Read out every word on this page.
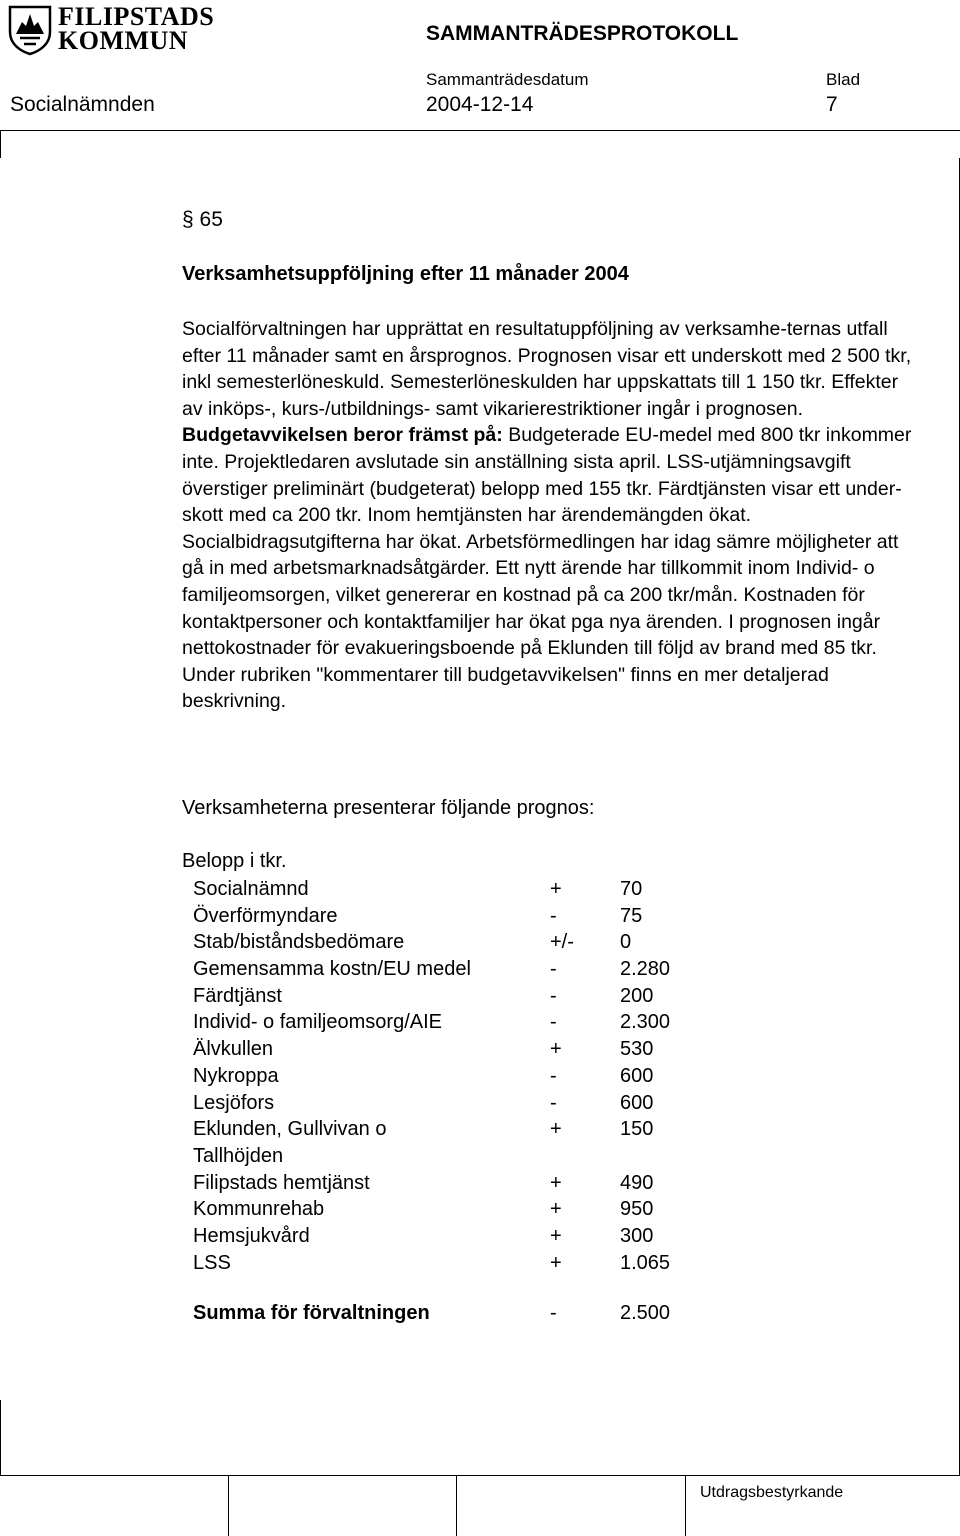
FILIPSTADS
KOMMUN	SAMMANTRÄDESPROTOKOLL
Sammanträdesdatum	Blad
Socialnämnden	2004-12-14	7
§ 65
Verksamhetsuppföljning efter 11 månader 2004
Socialförvaltningen har upprättat en resultatuppföljning av verksamhe-ternas utfall efter 11 månader samt en årsprognos. Prognosen visar ett underskott med 2 500 tkr, inkl semesterlöneskuld. Semesterlöneskulden har uppskattats till 1 150 tkr. Effekter av inköps-, kurs-/utbildnings- samt vikarierestriktioner ingår i prognosen. Budgetavvikelsen beror främst på: Budgeterade EU-medel med 800 tkr inkommer inte. Projektledaren avslutade sin anställning sista april. LSS-utjämningsavgift överstiger preliminärt (budgeterat) belopp med 155 tkr. Färdtjänsten visar ett under-skott med ca 200 tkr. Inom hemtjänsten har ärendemängden ökat. Socialbidragsutgifterna har ökat. Arbetsförmedlingen har idag sämre möjligheter att gå in med arbetsmarknadsåtgärder. Ett nytt ärende har tillkommit inom Individ- o familjeomsorgen, vilket genererar en kostnad på ca 200 tkr/mån. Kostnaden för kontaktpersoner och kontaktfamiljer har ökat pga nya ärenden. I prognosen ingår nettokostnader för evakueringsboende på Eklunden till följd av brand med 85 tkr. Under rubriken "kommentarer till budgetavvikelsen" finns en mer detaljerad beskrivning.
Verksamheterna presenterar följande prognos:
Belopp i tkr.
Socialnämnd	+	70
Överförmyndare	-	75
Stab/biståndsbedömare	+/- 0
Gemensamma kostn/EU medel	-	2.280
Färdtjänst	-	200
Individ- o familjeomsorg/AIE	-	2.300
Älvkullen	+	530
Nykroppa	-	600
Lesjöfors	-	600
Eklunden, Gullvivan o Tallhöjden
+	150
Filipstads hemtjänst	+	490
Kommunrehab	+	950
Hemsjukvård	+	300
LSS	+	1.065
Summa för förvaltningen	-	2.500
Utdragsbestyrkande
